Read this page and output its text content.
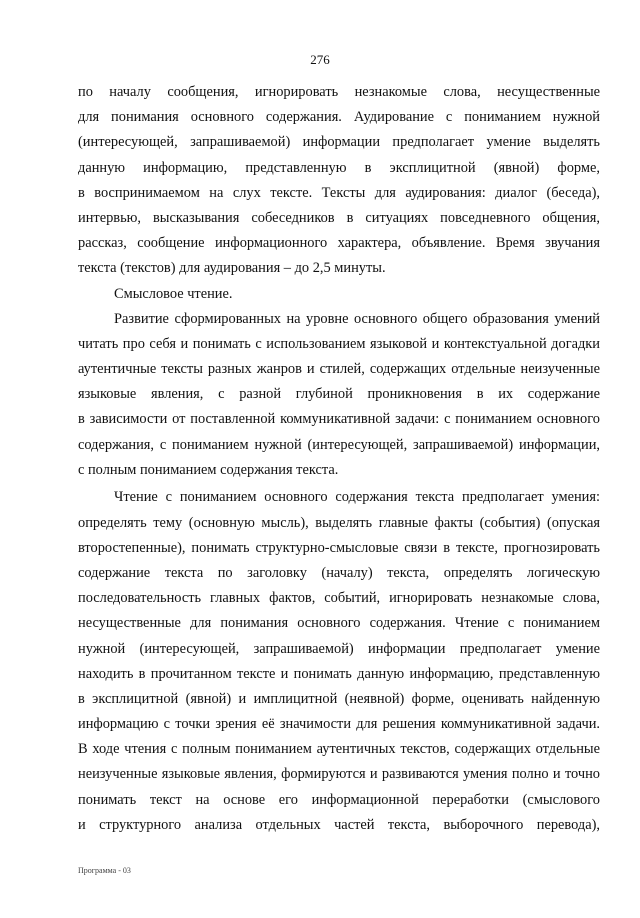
276
по началу сообщения, игнорировать незнакомые слова, несущественные
для понимания основного содержания. Аудирование с пониманием нужной
(интересующей, запрашиваемой) информации предполагает умение выделять
данную информацию, представленную в эксплицитной (явной) форме,
в воспринимаемом на слух тексте. Тексты для аудирования: диалог (беседа),
интервью, высказывания собеседников в ситуациях повседневного общения,
рассказ, сообщение информационного характера, объявление. Время звучания
текста (текстов) для аудирования – до 2,5 минуты.
Смысловое чтение.
Развитие сформированных на уровне основного общего образования умений
читать про себя и понимать с использованием языковой и контекстуальной догадки
аутентичные тексты разных жанров и стилей, содержащих отдельные неизученные
языковые явления, с разной глубиной проникновения в их содержание
в зависимости от поставленной коммуникативной задачи: с пониманием основного
содержания, с пониманием нужной (интересующей, запрашиваемой) информации,
с полным пониманием содержания текста.
Чтение с пониманием основного содержания текста предполагает умения:
определять тему (основную мысль), выделять главные факты (события) (опуская
второстепенные), понимать структурно-смысловые связи в тексте, прогнозировать
содержание текста по заголовку (началу) текста, определять логическую
последовательность главных фактов, событий, игнорировать незнакомые слова,
несущественные для понимания основного содержания. Чтение с пониманием
нужной (интересующей, запрашиваемой) информации предполагает умение
находить в прочитанном тексте и понимать данную информацию, представленную
в эксплицитной (явной) и имплицитной (неявной) форме, оценивать найденную
информацию с точки зрения её значимости для решения коммуникативной задачи.
В ходе чтения с полным пониманием аутентичных текстов, содержащих отдельные
неизученные языковые явления, формируются и развиваются умения полно и точно
понимать текст на основе его информационной переработки (смыслового
и структурного анализа отдельных частей текста, выборочного перевода),
Программа - 03
